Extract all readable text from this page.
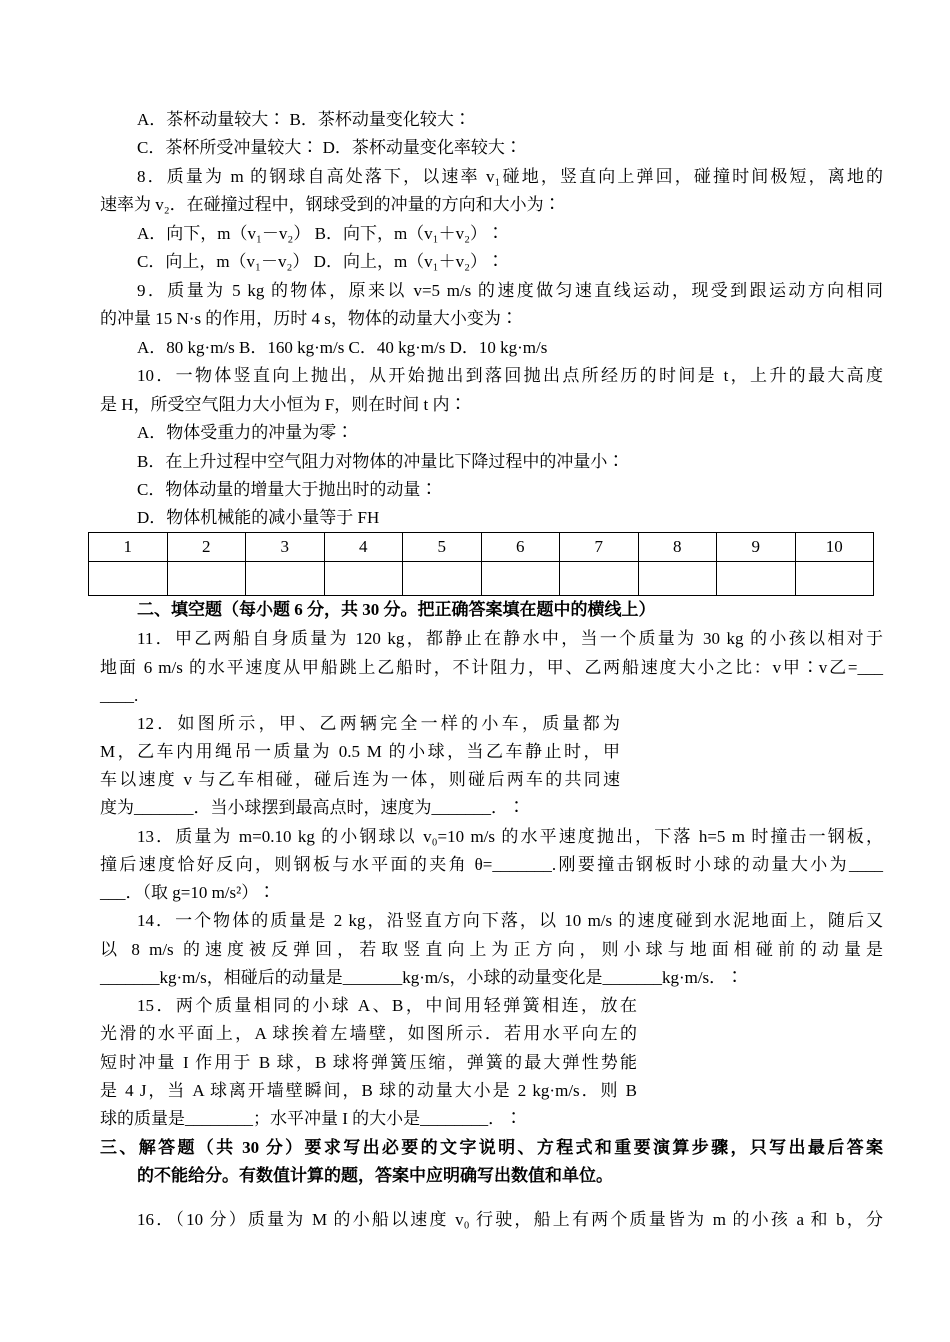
A．茶杯动量较大∶ B．茶杯动量变化较大∶
C．茶杯所受冲量较大∶ D．茶杯动量变化率较大∶
8．质量为 m 的钢球自高处落下，以速率 v₁碰地，竖直向上弹回，碰撞时间极短，离地的
速率为 v₂．在碰撞过程中，钢球受到的冲量的方向和大小为∶
A．向下，m（v₁－v₂） B．向下，m（v₁＋v₂）∶
C．向上，m（v₁－v₂） D．向上，m（v₁＋v₂）∶
9．质量为 5 kg 的物体，原来以 v=5 m/s 的速度做匀速直线运动，现受到跟运动方向相同
的冲量 15 N·s 的作用，历时 4 s，物体的动量大小变为∶
A．80 kg·m/s B．160 kg·m/s C．40 kg·m/s D．10 kg·m/s
10．一物体竖直向上抛出，从开始抛出到落回抛出点所经历的时间是 t，上升的最大高度
是 H，所受空气阻力大小恒为 F，则在时间 t 内∶
A．物体受重力的冲量为零∶
B．在上升过程中空气阻力对物体的冲量比下降过程中的冲量小∶
C．物体动量的增量大于抛出时的动量∶
D．物体机械能的减小量等于 FH
1	2	3	4	5	6	7	8	9	10

二、填空题（每小题 6 分，共 30 分。把正确答案填在题中的横线上）
11．甲乙两船自身质量为 120 kg，都静止在静水中，当一个质量为 30 kg 的小孩以相对于
地面 6 m/s 的水平速度从甲船跳上乙船时，不计阻力，甲、乙两船速度大小之比：v甲∶v乙=___
____.
12．如图所示，甲、乙两辆完全一样的小车，质量都为
M，乙车内用绳吊一质量为 0.5 M 的小球，当乙车静止时，甲
车以速度 v 与乙车相碰，碰后连为一体，则碰后两车的共同速
度为_______．当小球摆到最高点时，速度为_______．∶
13．质量为 m=0.10 kg 的小钢球以 v₀=10 m/s 的水平速度抛出，下落 h=5 m 时撞击一钢板，
撞后速度恰好反向，则钢板与水平面的夹角 θ=_______.刚要撞击钢板时小球的动量大小为____
___．（取 g=10 m/s²）∶
14．一个物体的质量是 2 kg，沿竖直方向下落，以 10 m/s 的速度碰到水泥地面上，随后又
以 8 m/s 的速度被反弹回，若取竖直向上为正方向，则小球与地面相碰前的动量是
_______kg·m/s，相碰后的动量是_______kg·m/s，小球的动量变化是_______kg·m/s．∶
15．两个质量相同的小球 A、B，中间用轻弹簧相连，放在
光滑的水平面上，A 球挨着左墙壁，如图所示．若用水平向左的
短时冲量 I 作用于 B 球，B 球将弹簧压缩，弹簧的最大弹性势能
是 4 J，当 A 球离开墙壁瞬间，B 球的动量大小是 2 kg·m/s．则 B
球的质量是________；水平冲量 I 的大小是________．∶
三、解答题（共 30 分）要求写出必要的文字说明、方程式和重要演算步骤，只写出最后答案
的不能给分。有数值计算的题，答案中应明确写出数值和单位。
16．（10 分）质量为 M 的小船以速度 v₀ 行驶，船上有两个质量皆为 m 的小孩 a 和 b，分
